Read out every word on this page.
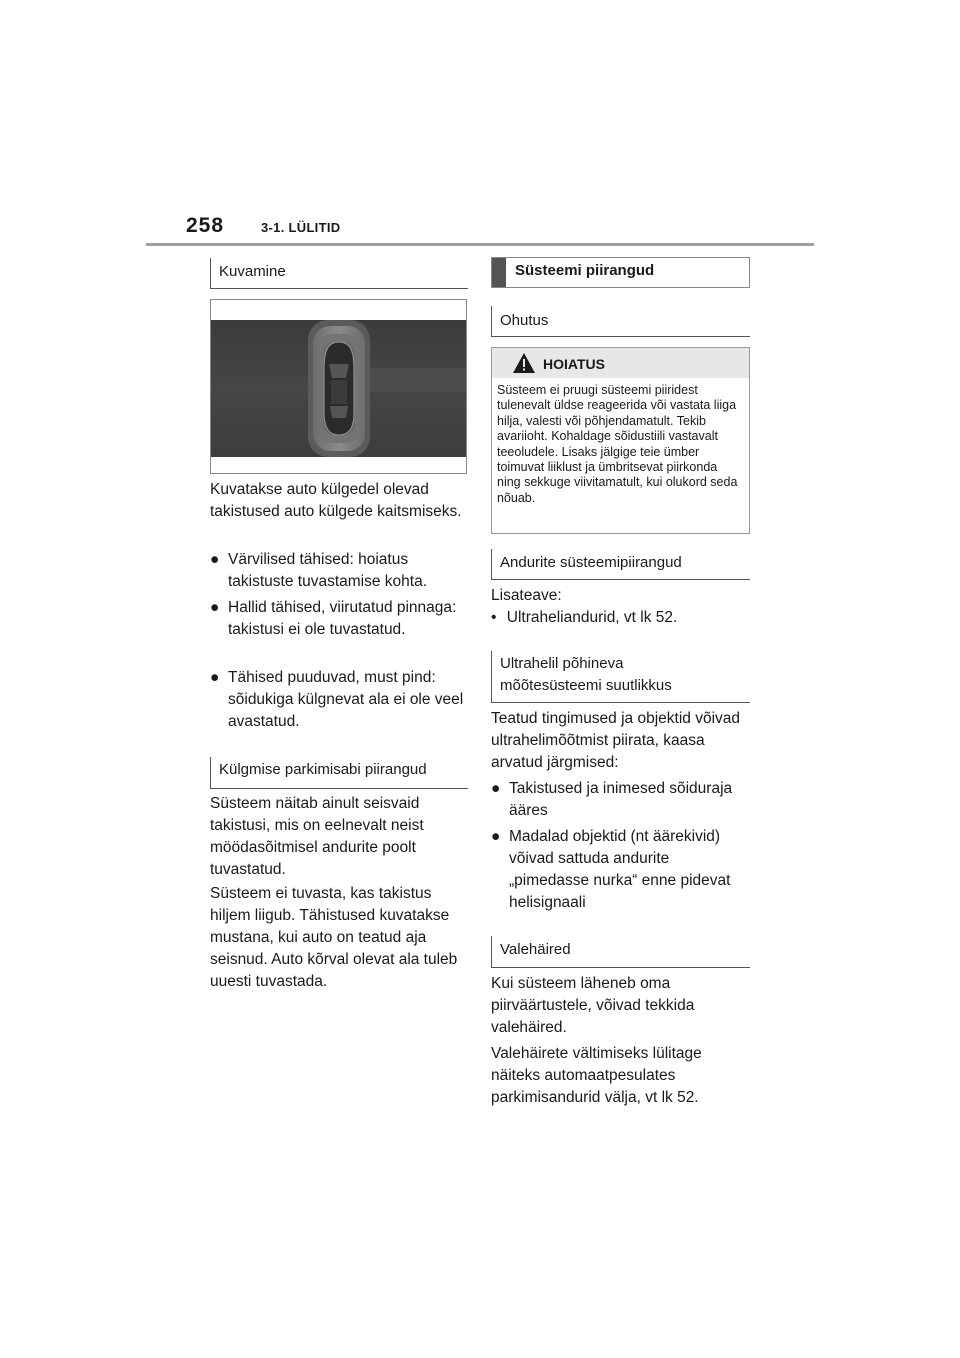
258	3-1. LÜLITID
Kuvamine
Kuvatakse auto külgedel olevad takistused auto külgede kaitsmiseks.
● Värvilised tähised: hoiatus takistuste tuvastamise kohta.
● Hallid tähised, viirutatud pinnaga: takistusi ei ole tuvastatud.
● Tähised puuduvad, must pind: sõidukiga külgnevat ala ei ole veel avastatud.
Külgmise parkimisabi piirangud
Süsteem näitab ainult seisvaid takistusi, mis on eelnevalt neist möödasõitmisel andurite poolt tuvastatud.
Süsteem ei tuvasta, kas takistus hiljem liigub. Tähistused kuvatakse mustana, kui auto on teatud aja seisnud. Auto kõrval olevat ala tuleb uuesti tuvastada.
Süsteemi piirangud
Ohutus
HOIATUS
Süsteem ei pruugi süsteemi piiridest tulenevalt üldse reageerida või vastata liiga hilja, valesti või põhjendamatult. Tekib avariioht. Kohaldage sõidustiili vastavalt teeoludele. Lisaks jälgige teie ümber toimuvat liiklust ja ümbritsevat piirkonda ning sekkuge viivitamatult, kui olukord seda nõuab.
Andurite süsteemipiirangud
Lisateave:
• Ultraheliandurid, vt lk 52.
Ultrahelil põhineva mõõtesüsteemi suutlikkus
Teatud tingimused ja objektid võivad ultrahelimõõtmist piirata, kaasa arvatud järgmised:
● Takistused ja inimesed sõiduraja ääres
● Madalad objektid (nt äärekivid) võivad sattuda andurite „pimedasse nurka“ enne pidevat helisignaali
Valehäired
Kui süsteem läheneb oma piirväärtustele, võivad tekkida valehäired.
Valehäirete vältimiseks lülitage näiteks automaatpesulates parkimisandurid välja, vt lk 52.
